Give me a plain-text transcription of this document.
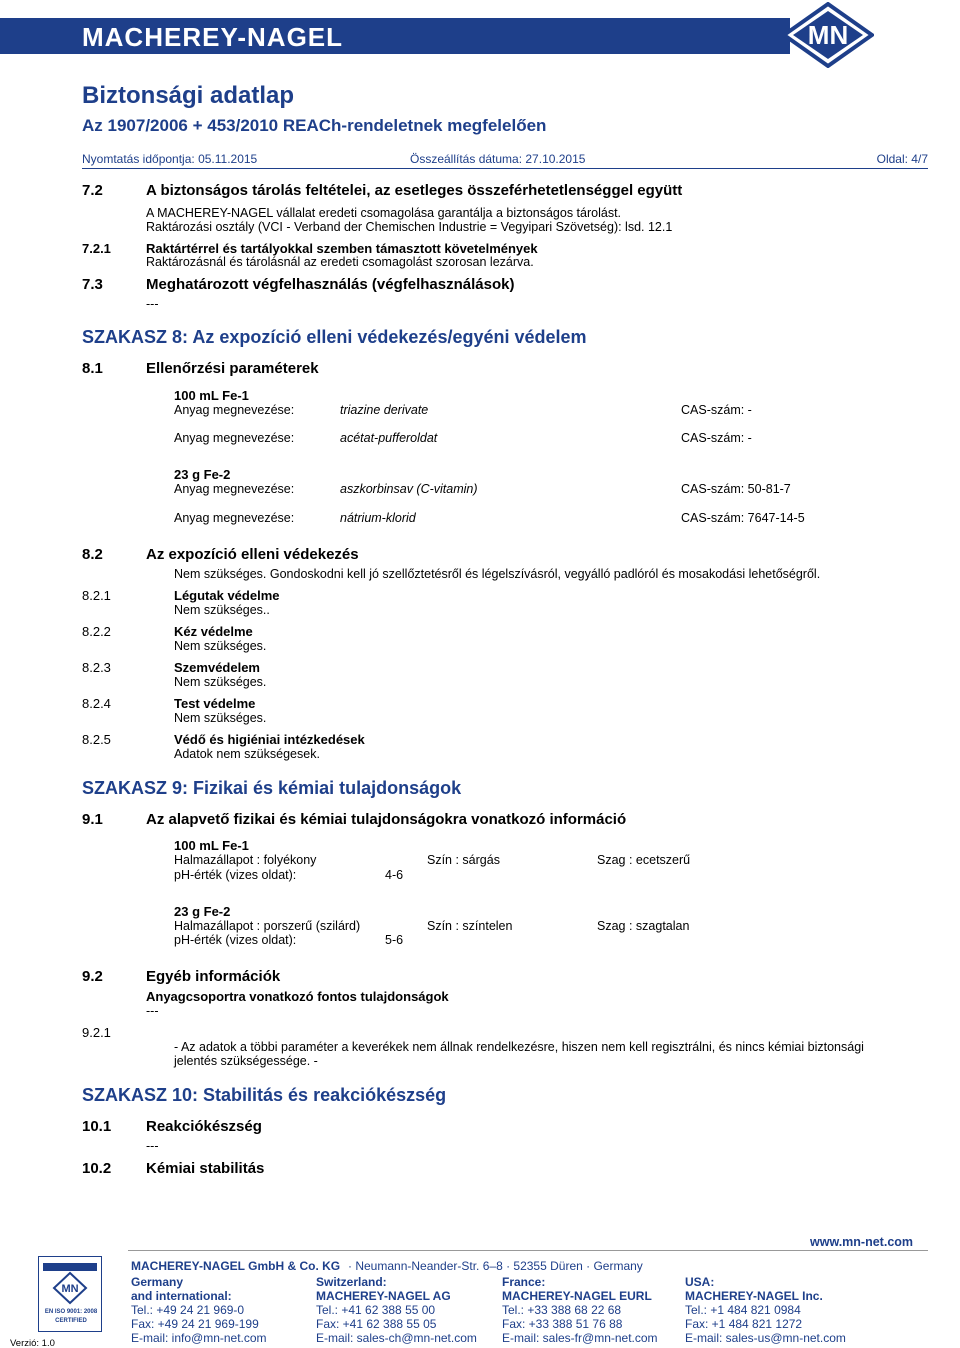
MACHEREY-NAGEL	MN
Biztonsági adatlap
Az 1907/2006 + 453/2010 REACh-rendeletnek megfelelően
Nyomtatás időpontja: 05.11.2015	Összeállítás dátuma: 27.10.2015	Oldal: 4/7
7.2	A biztonságos tárolás feltételei, az esetleges összeférhetetlenséggel együtt
A MACHEREY-NAGEL vállalat eredeti csomagolása garantálja a biztonságos tárolást.
Raktározási osztály (VCI - Verband der Chemischen Industrie = Vegyipari Szövetség): lsd. 12.1
7.2.1	Raktártérrel és tartályokkal szemben támasztott követelmények
Raktározásnál és tárolásnál az eredeti csomagolást szorosan lezárva.
7.3	Meghatározott végfelhasználás (végfelhasználások)
---
SZAKASZ 8: Az expozíció elleni védekezés/egyéni védelem
8.1	Ellenőrzési paraméterek
100 mL Fe-1
Anyag megnevezése:	triazine derivate	CAS-szám: -
Anyag megnevezése:	acétat-pufferoldat	CAS-szám: -
23 g Fe-2
Anyag megnevezése:	aszkorbinsav (C-vitamin)	CAS-szám: 50-81-7
Anyag megnevezése:	nátrium-klorid	CAS-szám: 7647-14-5
8.2	Az expozíció elleni védekezés
Nem szükséges. Gondoskodni kell jó szellőztetésről és légelszívásról, vegyálló padlóról és mosakodási lehetőségről.
8.2.1	Légutak védelme
Nem szükséges..
8.2.2	Kéz védelme
Nem szükséges.
8.2.3	Szemvédelem
Nem szükséges.
8.2.4	Test védelme
Nem szükséges.
8.2.5	Védő és higiéniai intézkedések
Adatok nem szükségesek.
SZAKASZ 9: Fizikai és kémiai tulajdonságok
9.1	Az alapvető fizikai és kémiai tulajdonságokra vonatkozó információ
100 mL Fe-1
Halmazállapot : folyékony	Szín : sárgás	Szag : ecetszerű
pH-érték (vizes oldat):	4-6
23 g Fe-2
Halmazállapot : porszerű (szilárd)	Szín : színtelen	Szag : szagtalan
pH-érték (vizes oldat):	5-6
9.2	Egyéb információk
Anyagcsoportra vonatkozó fontos tulajdonságok
---
9.2.1
- Az adatok a többi paraméter a keverékek nem állnak rendelkezésre, hiszen nem kell regisztrálni, és nincs kémiai biztonsági
jelentés szükségessége. -
SZAKASZ 10: Stabilitás és reakciókészség
10.1 Reakciókészség
---
10.2 Kémiai stabilitás
www.mn-net.com
MACHEREY-NAGEL GmbH & Co. KG · Neumann-Neander-Str. 6–8 · 52355 Düren · Germany
MN
EN ISO 9001: 2008
CERTIFIED
Verzió: 1.0
Germany
and international:
Tel.: +49 24 21 969-0
Fax: +49 24 21 969-199
E-mail: info@mn-net.com
Switzerland:
MACHEREY-NAGEL AG
Tel.: +41 62 388 55 00
Fax: +41 62 388 55 05
E-mail: sales-ch@mn-net.com
France:
MACHEREY-NAGEL EURL
Tel.: +33 388 68 22 68
Fax: +33 388 51 76 88
E-mail: sales-fr@mn-net.com
USA:
MACHEREY-NAGEL Inc.
Tel.: +1 484 821 0984
Fax: +1 484 821 1272
E-mail: sales-us@mn-net.com
